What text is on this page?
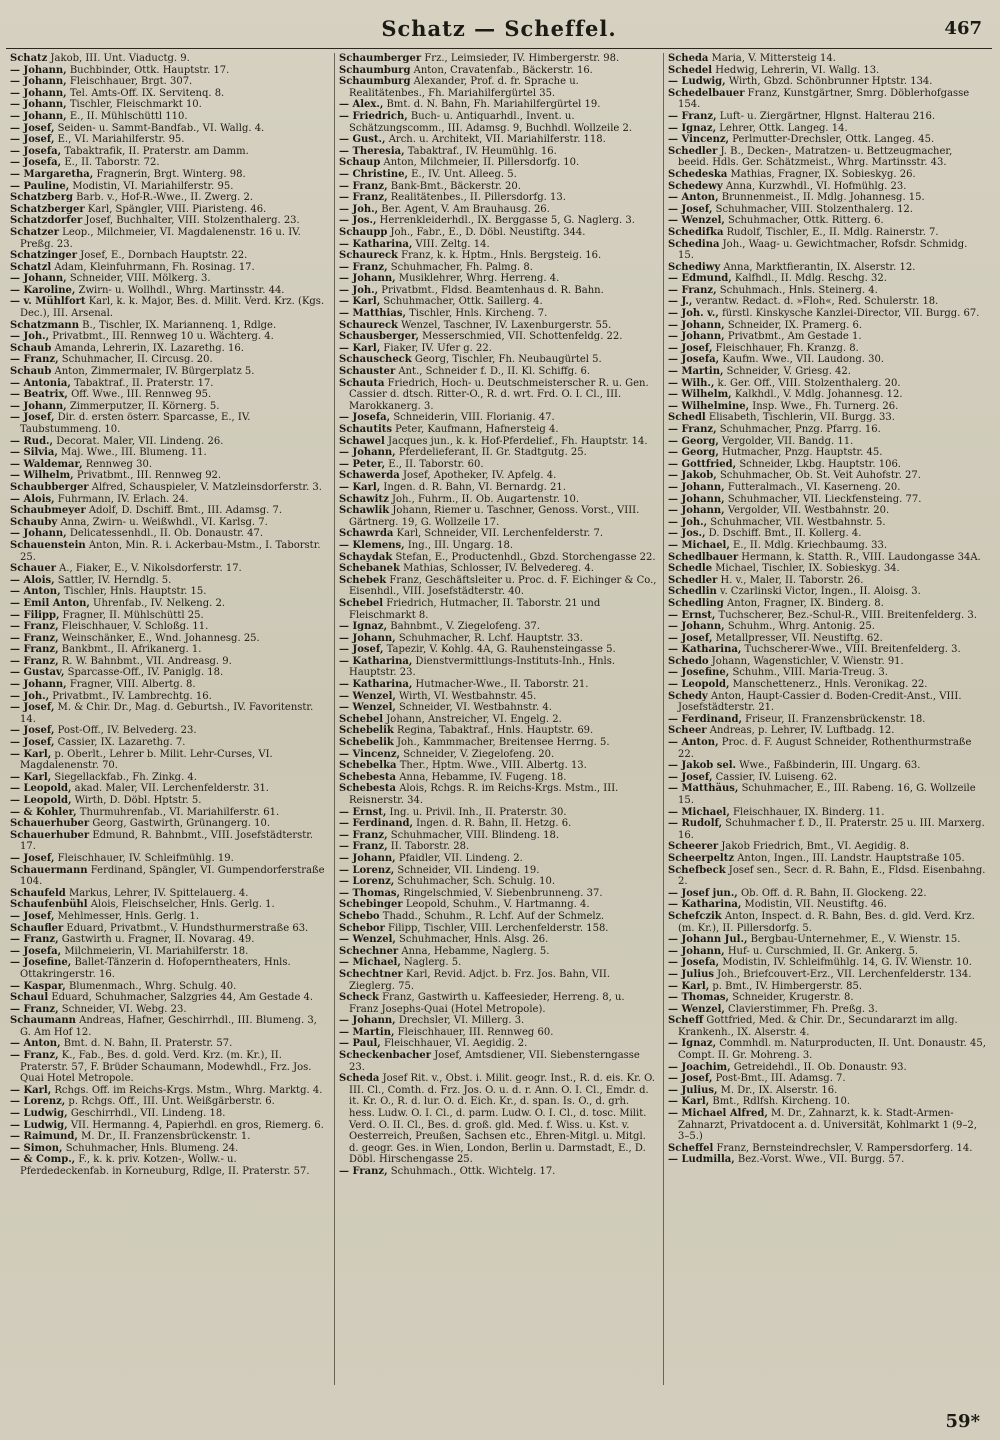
Schatz — Scheffel.	467

Schatz Jakob, III. Unt. Viaductg. 9.

— Johann, Buchbinder, Ottk. Hauptstr. 17.

— Johann, Fleischhauer, Brgt. 307.

— Johann, Tel. Amts-Off. IX. Servitenq. 8.

— Johann, Tischler, Fleischmarkt 10.

— Johann, E., II. Mühlschüttl 110.

— Josef, Seiden- u. Sammt-Bandfab., VI. Wallg. 4.

— Josef, E., VI. Mariahilferstr. 95.

— Josefa, Tabaktrafik, II. Praterstr. am Damm.

— Josefa, E., II. Taborstr. 72.

— Margaretha, Fragnerin, Brgt. Winterg. 98.

— Pauline, Modistin, VI. Mariahilferstr. 95.

Schatzberg Barb. v., Hof-R.-Wwe., II. Zwerg. 2.

Schatzberger Karl, Spängler, VIII. Piaristeng. 46.

Schatzdorfer Josef, Buchhalter, VIII. Stolzenthalerg. 23.

Schatzer Leop., Milchmeier, VI. Magdalenenstr. 16 u. IV. Preßg. 23.

Schatzinger Josef, E., Dornbach Hauptstr. 22.

Schatzl Adam, Kleinfuhrmann, Fh. Rosinag. 17.

— Johann, Schneider, VIII. Mölkerg. 3.

— Karoline, Zwirn- u. Wollhdl., Whrg. Martinsstr. 44.

— v. Mühlfort Karl, k. k. Major, Bes. d. Milit. Verd. Krz. (Kgs. Dec.), III. Arsenal.

Schatzmann B., Tischler, IX. Mariannenq. 1, Rdlge.

— Joh., Privatbmt., III. Rennweg 10 u. Wächterg. 4.

Schaub Amanda, Lehrerin, IX. Lazarethg. 16.

— Franz, Schuhmacher, II. Circusg. 20.

Schaub Anton, Zimmermaler, IV. Bürgerplatz 5.

— Antonia, Tabaktraf., II. Praterstr. 17.

— Beatrix, Off. Wwe., III. Rennweg 95.

— Johann, Zimmerputzer, II. Körnerg. 5.

— Josef, Dir. d. ersten österr. Sparcasse, E., IV. Taubstummeng. 10.

— Rud., Decorat. Maler, VII. Lindeng. 26.

— Silvia, Maj. Wwe., III. Blumeng. 11.

— Waldemar, Rennweg 30.

— Wilhelm, Privatbmt., III. Rennweg 92.

Schaubberger Alfred, Schauspieler, V. Matzleinsdorferstr. 3.

— Alois, Fuhrmann, IV. Erlach. 24.

Schaubmeyer Adolf, D. Dschiff. Bmt., III. Adamsg. 7.

Schauby Anna, Zwirn- u. Weißwhdl., VI. Karlsg. 7.

— Johann, Delicatessenhdl., II. Ob. Donaustr. 47.

Schauenstein Anton, Min. R. i. Ackerbau-Mstm., I. Taborstr. 25.

Schauer A., Fiaker, E., V. Nikolsdorferstr. 17.

— Alois, Sattler, IV. Herndlg. 5.

— Anton, Tischler, Hnls. Hauptstr. 15.

— Emil Anton, Uhrenfab., IV. Nelkeng. 2.

— Filipp, Fragner, II. Mühlschüttl 25.

— Franz, Fleischhauer, V. Schloßg. 11.

— Franz, Weinschänker, E., Wnd. Johannesg. 25.

— Franz, Bankbmt., II. Afrikanerg. 1.

— Franz, R. W. Bahnbmt., VII. Andreasg. 9.

— Gustav, Sparcasse-Off., IV. Paniglg. 18.

— Johann, Fragner, VIII. Albertg. 8.

— Joh., Privatbmt., IV. Lambrechtg. 16.

— Josef, M. & Chir. Dr., Mag. d. Geburtsh., IV. Favoritenstr. 14.

— Josef, Post-Off., IV. Belvederg. 23.

— Josef, Cassier, IX. Lazarethg. 7.

— Karl, p. Oberlt., Lehrer b. Milit. Lehr-Curses, VI. Magdalenenstr. 70.

— Karl, Siegellackfab., Fh. Zinkg. 4.

— Leopold, akad. Maler, VII. Lerchenfelderstr. 31.

— Leopold, Wirth, D. Döbl. Hptstr. 5.

— & Kohler, Thurmuhrenfab., VI. Mariahilferstr. 61.

Schauerhuber Georg, Gastwirth, Grünangerg. 10.

Schauerhuber Edmund, R. Bahnbmt., VIII. Josefstädterstr. 17.

— Josef, Fleischhauer, IV. Schleifmühlg. 19.

Schauermann Ferdinand, Spängler, VI. Gumpendorferstraße 104.

Schaufeld Markus, Lehrer, IV. Spittelauerg. 4.

Schaufenbühl Alois, Fleischselcher, Hnls. Gerlg. 1.

— Josef, Mehlmesser, Hnls. Gerlg. 1.

Schaufler Eduard, Privatbmt., V. Hundsthurmerstraße 63.

— Franz, Gastwirth u. Fragner, II. Novarag. 49.

— Josefa, Milchmeierin, VI. Mariahilferstr. 18.

— Josefine, Ballet-Tänzerin d. Hofoperntheaters, Hnls. Ottakringerstr. 16.

— Kaspar, Blumenmach., Whrg. Schulg. 40.

Schaul Eduard, Schuhmacher, Salzgries 44, Am Gestade 4.

— Franz, Schneider, VI. Webg. 23.

Schaumann Andreas, Hafner, Geschirrhdl., III. Blumeng. 3, G. Am Hof 12.

— Anton, Bmt. d. N. Bahn, II. Praterstr. 57.

— Franz, K., Fab., Bes. d. gold. Verd. Krz. (m. Kr.), II. Praterstr. 57, F. Brüder Schaumann, Modewhdl., Frz. Jos. Quai Hotel Metropole.

— Karl, Rchgs. Off. im Reichs-Krgs. Mstm., Whrg. Marktg. 4.

— Lorenz, p. Rchgs. Off., III. Unt. Weißgärberstr. 6.

— Ludwig, Geschirrhdl., VII. Lindeng. 18.

— Ludwig, VII. Hermanng. 4, Papierhdl. en gros, Riemerg. 6.

— Raimund, M. Dr., II. Franzensbrückenstr. 1.

— Simon, Schuhmacher, Hnls. Blumeng. 24.

— & Comp., F., k. k. priv. Kotzen-, Wollw.- u. Pferdedeckenfab. in Korneuburg, Rdlge, II. Praterstr. 57.

Schaumberger Frz., Leimsieder, IV. Himbergerstr. 98.

Schaumburg Anton, Cravatenfab., Bäckerstr. 16.

Schaumburg Alexander, Prof. d. fr. Sprache u. Realitätenbes., Fh. Mariahilfergürtel 35.

— Alex., Bmt. d. N. Bahn, Fh. Mariahilfergürtel 19.

— Friedrich, Buch- u. Antiquarhdl., Invent. u. Schätzungscomm., III. Adamsg. 9, Buchhdl. Wollzeile 2.

— Gust., Arch. u. Architekt, VII. Mariahilferstr. 118.

— Theresia, Tabaktraf., IV. Heumühlg. 16.

Schaup Anton, Milchmeier, II. Pillersdorfg. 10.

— Christine, E., IV. Unt. Alleeg. 5.

— Franz, Bank-Bmt., Bäckerstr. 20.

— Franz, Realitätenbes., II. Pillersdorfg. 13.

— Joh., Ber. Agent, V. Am Brauhausg. 26.

— Jos., Herrenkleiderhdl., IX. Berggasse 5, G. Naglerg. 3.

Schaupp Joh., Fabr., E., D. Döbl. Neustiftg. 344.

— Katharina, VIII. Zeltg. 14.

Schaureck Franz, k. k. Hptm., Hnls. Bergsteig. 16.

— Franz, Schuhmacher, Fh. Palmg. 8.

— Johann, Musiklehrer, Whrg. Herreng. 4.

— Joh., Privatbmt., Fldsd. Beamtenhaus d. R. Bahn.

— Karl, Schuhmacher, Ottk. Saillerg. 4.

— Matthias, Tischler, Hnls. Kircheng. 7.

Schaureck Wenzel, Taschner, IV. Laxenburgerstr. 55.

Schausberger, Messerschmied, VII. Schottenfeldg. 22.

— Karl, Fiaker, IV. Ufer g. 22.

Schauscheck Georg, Tischler, Fh. Neubaugürtel 5.

Schauster Ant., Schneider f. D., II. Kl. Schiffg. 6.

Schauta Friedrich, Hoch- u. Deutschmeisterscher R. u. Gen. Cassier d. dtsch. Ritter-O., R. d. wrt. Frd. O. I. Cl., III. Marokkanerg. 3.

— Josefa, Schneiderin, VIII. Florianig. 47.

Schautits Peter, Kaufmann, Hafnersteig 4.

Schawel Jacques jun., k. k. Hof-Pferdelief., Fh. Hauptstr. 14.

— Johann, Pferdelieferant, II. Gr. Stadtgutg. 25.

— Peter, E., II. Taborstr. 60.

Schawerda Josef, Apotheker, IV. Apfelg. 4.

— Karl, Ingen. d. R. Bahn, VI. Bernardg. 21.

Schawitz Joh., Fuhrm., II. Ob. Augartenstr. 10.

Schawlik Johann, Riemer u. Taschner, Genoss. Vorst., VIII. Gärtnerg. 19, G. Wollzeile 17.

Schawrda Karl, Schneider, VII. Lerchenfelderstr. 7.

— Klemens, Ing., III. Ungarg. 18.

Schaydak Stefan, E., Productenhdl., Gbzd. Storchengasse 22.

Schebanek Mathias, Schlosser, IV. Belvedereg. 4.

Schebek Franz, Geschäftsleiter u. Proc. d. F. Eichinger & Co., Eisenhdl., VIII. Josefstädterstr. 40.

Schebel Friedrich, Hutmacher, II. Taborstr. 21 und Fleischmarkt 8.

— Ignaz, Bahnbmt., V. Ziegelofeng. 37.

— Johann, Schuhmacher, R. Lchf. Hauptstr. 33.

— Josef, Tapezir, V. Kohlg. 4A, G. Rauhensteingasse 5.

— Katharina, Dienstvermittlungs-Instituts-Inh., Hnls. Hauptstr. 23.

— Katharina, Hutmacher-Wwe., II. Taborstr. 21.

— Wenzel, Wirth, VI. Westbahnstr. 45.

— Wenzel, Schneider, VI. Westbahnstr. 4.

Schebel Johann, Anstreicher, VI. Engelg. 2.

Schebelik Regina, Tabaktraf., Hnls. Hauptstr. 69.

Schebelik Joh., Kammmacher, Breitensee Herrng. 5.

— Vincenz, Schneider, V. Ziegelofeng. 20.

Schebelka Ther., Hptm. Wwe., VIII. Albertg. 13.

Schebesta Anna, Hebamme, IV. Fugeng. 18.

Schebesta Alois, Rchgs. R. im Reichs-Krgs. Mstm., III. Reisnerstr. 34.

— Ernst, Ing. u. Privil. Inh., II. Praterstr. 30.

— Ferdinand, Ingen. d. R. Bahn, II. Hetzg. 6.

— Franz, Schuhmacher, VIII. Blindeng. 18.

— Franz, II. Taborstr. 28.

— Johann, Pfaidler, VII. Lindeng. 2.

— Lorenz, Schneider, VII. Lindeng. 19.

— Lorenz, Schuhmacher, Sch. Schulg. 10.

— Thomas, Ringelschmied, V. Siebenbrunneng. 37.

Schebinger Leopold, Schuhm., V. Hartmanng. 4.

Schebo Thadd., Schuhm., R. Lchf. Auf der Schmelz.

Schebor Filipp, Tischler, VIII. Lerchenfelderstr. 158.

— Wenzel, Schuhmacher, Hnls. Alsg. 26.

Schechner Anna, Hebamme, Naglerg. 5.

— Michael, Naglerg. 5.

Schechtner Karl, Revid. Adjct. b. Frz. Jos. Bahn, VII. Zieglerg. 75.

Scheck Franz, Gastwirth u. Kaffeesieder, Herreng. 8, u. Franz Josephs-Quai (Hotel Metropole).

— Johann, Drechsler, VI. Millerg. 3.

— Martin, Fleischhauer, III. Rennweg 60.

— Paul, Fleischhauer, VI. Aegidig. 2.

Scheckenbacher Josef, Amtsdiener, VII. Siebensterngasse 23.

Scheda Josef Rit. v., Obst. i. Milit. geogr. Inst., R. d. eis. Kr. O. III. Cl., Comth. d. Frz. Jos. O. u. d. r. Ann. O. I. Cl., Emdr. d. it. Kr. O., R. d. lur. O. d. Eich. Kr., d. span. Is. O., d. grh. hess. Ludw. O. I. Cl., d. parm. Ludw. O. I. Cl., d. tosc. Milit. Verd. O. II. Cl., Bes. d. groß. gld. Med. f. Wiss. u. Kst. v. Oesterreich, Preußen, Sachsen etc., Ehren-Mitgl. u. Mitgl. d. geogr. Ges. in Wien, London, Berlin u. Darmstadt, E., D. Döbl. Hirschengasse 25.

— Franz, Schuhmach., Ottk. Wichtelg. 17.

Scheda Maria, V. Mittersteig 14.

Schedel Hedwig, Lehrerin, VI. Wallg. 13.

— Ludwig, Wirth, Gbzd. Schönbrunner Hptstr. 134.

Schedelbauer Franz, Kunstgärtner, Smrg. Döblerhofgasse 154.

— Franz, Luft- u. Ziergärtner, Hlgnst. Halterau 216.

— Ignaz, Lehrer, Ottk. Langeg. 14.

— Vincenz, Perlmutter-Drechsler, Ottk. Langeg. 45.

Schedler J. B., Decken-, Matratzen- u. Bettzeugmacher, beeid. Hdls. Ger. Schätzmeist., Whrg. Martinsstr. 43.

Schedeska Mathias, Fragner, IX. Sobieskyg. 26.

Schedewy Anna, Kurzwhdl., VI. Hofmühlg. 23.

— Anton, Brunnenmeist., II. Mdlg. Johannesg. 15.

— Josef, Schuhmacher, VIII. Stolzenthalerg. 12.

— Wenzel, Schuhmacher, Ottk. Ritterg. 6.

Schedifka Rudolf, Tischler, E., II. Mdlg. Rainerstr. 7.

Schedina Joh., Waag- u. Gewichtmacher, Rofsdr. Schmidg. 15.

Schediwy Anna, Marktfierantin, IX. Alserstr. 12.

— Edmund, Kalfhdl., II. Mdlg. Reschg. 32.

— Franz, Schuhmach., Hnls. Steinerg. 4.

— J., verantw. Redact. d. »Floh«, Red. Schulerstr. 18.

— Joh. v., fürstl. Kinskysche Kanzlei-Director, VII. Burgg. 67.

— Johann, Schneider, IX. Pramerg. 6.

— Johann, Privatbmt., Am Gestade 1.

— Josef, Fleischhauer, Fh. Kranzg. 8.

— Josefa, Kaufm. Wwe., VII. Laudong. 30.

— Martin, Schneider, V. Griesg. 42.

— Wilh., k. Ger. Off., VIII. Stolzenthalerg. 20.

— Wilhelm, Kalkhdl., V. Mdlg. Johannesg. 12.

— Wilhelmine, Insp. Wwe., Fh. Turnerg. 26.

Schedl Elisabeth, Tischlerin, VII. Burgg. 33.

— Franz, Schuhmacher, Pnzg. Pfarrg. 16.

— Georg, Vergolder, VII. Bandg. 11.

— Georg, Hutmacher, Pnzg. Hauptstr. 45.

— Gottfried, Schneider, Lkbg. Hauptstr. 106.

— Jakob, Schuhmacher, Ob. St. Veit Auhofstr. 27.

— Johann, Futteralmach., VI. Kaserneng. 20.

— Johann, Schuhmacher, VII. Lieckfensteing. 77.

— Johann, Vergolder, VII. Westbahnstr. 20.

— Joh., Schuhmacher, VII. Westbahnstr. 5.

— Jos., D. Dschiff. Bmt., II. Kollerg. 4.

— Michael, E., II. Mdlg. Kriechbaumg. 33.

Schedlbauer Hermann, k. Statth. R., VIII. Laudongasse 34A.

Schedle Michael, Tischler, IX. Sobieskyg. 34.

Schedler H. v., Maler, II. Taborstr. 26.

Schedlin v. Czarlinski Victor, Ingen., II. Aloisg. 3.

Schedling Anton, Fragner, IX. Binderg. 8.

— Ernst, Tuchscherer, Bez.-Schul-R., VIII. Breitenfelderg. 3.

— Johann, Schuhm., Whrg. Antonig. 25.

— Josef, Metallpresser, VII. Neustiftg. 62.

— Katharina, Tuchscherer-Wwe., VIII. Breitenfelderg. 3.

Schedo Johann, Wagenstichler, V. Wienstr. 91.

— Josefine, Schuhm., VIII. Maria-Treug. 3.

— Leopold, Manschettenerz., Hnls. Veronikag. 22.

Schedy Anton, Haupt-Cassier d. Boden-Credit-Anst., VIII. Josefstädterstr. 21.

— Ferdinand, Friseur, II. Franzensbrückenstr. 18.

Scheer Andreas, p. Lehrer, IV. Luftbadg. 12.

— Anton, Proc. d. F. August Schneider, Rothenthurmstraße 22.

— Jakob sel. Wwe., Faßbinderin, III. Ungarg. 63.

— Josef, Cassier, IV. Luiseng. 62.

— Matthäus, Schuhmacher, E., III. Rabeng. 16, G. Wollzeile 15.

— Michael, Fleischhauer, IX. Binderg. 11.

— Rudolf, Schuhmacher f. D., II. Praterstr. 25 u. III. Marxerg. 16.

Scheerer Jakob Friedrich, Bmt., VI. Aegidig. 8.

Scheerpeltz Anton, Ingen., III. Landstr. Hauptstraße 105.

Schefbeck Josef sen., Secr. d. R. Bahn, E., Fldsd. Eisenbahng. 2.

— Josef jun., Ob. Off. d. R. Bahn, II. Glockeng. 22.

— Katharina, Modistin, VII. Neustiftg. 46.

Schefczik Anton, Inspect. d. R. Bahn, Bes. d. gld. Verd. Krz. (m. Kr.), II. Pillersdorfg. 5.

— Johann Jul., Bergbau-Unternehmer, E., V. Wienstr. 15.

— Johann, Huf- u. Curschmied, II. Gr. Ankerg. 5.

— Josefa, Modistin, IV. Schleifmühlg. 14, G. IV. Wienstr. 10.

— Julius Joh., Briefcouvert-Erz., VII. Lerchenfelderstr. 134.

— Karl, p. Bmt., IV. Himbergerstr. 85.

— Thomas, Schneider, Krugerstr. 8.

— Wenzel, Clavierstimmer, Fh. Preßg. 3.

Scheff Gottfried, Med. & Chir. Dr., Secundararzt im allg. Krankenh., IX. Alserstr. 4.

— Ignaz, Commhdl. m. Naturproducten, II. Unt. Donaustr. 45, Compt. II. Gr. Mohreng. 3.

— Joachim, Getreidehdl., II. Ob. Donaustr. 93.

— Josef, Post-Bmt., III. Adamsg. 7.

— Julius, M. Dr., IX. Alserstr. 16.

— Karl, Bmt., Rdlfsh. Kircheng. 10.

— Michael Alfred, M. Dr., Zahnarzt, k. k. Stadt-Armen-Zahnarzt, Privatdocent a. d. Universität, Kohlmarkt 1 (9–2, 3–5.)

Scheffel Franz, Bernsteindrechsler, V. Rampersdorferg. 14.

— Ludmilla, Bez.-Vorst. Wwe., VII. Burgg. 57.

59*
